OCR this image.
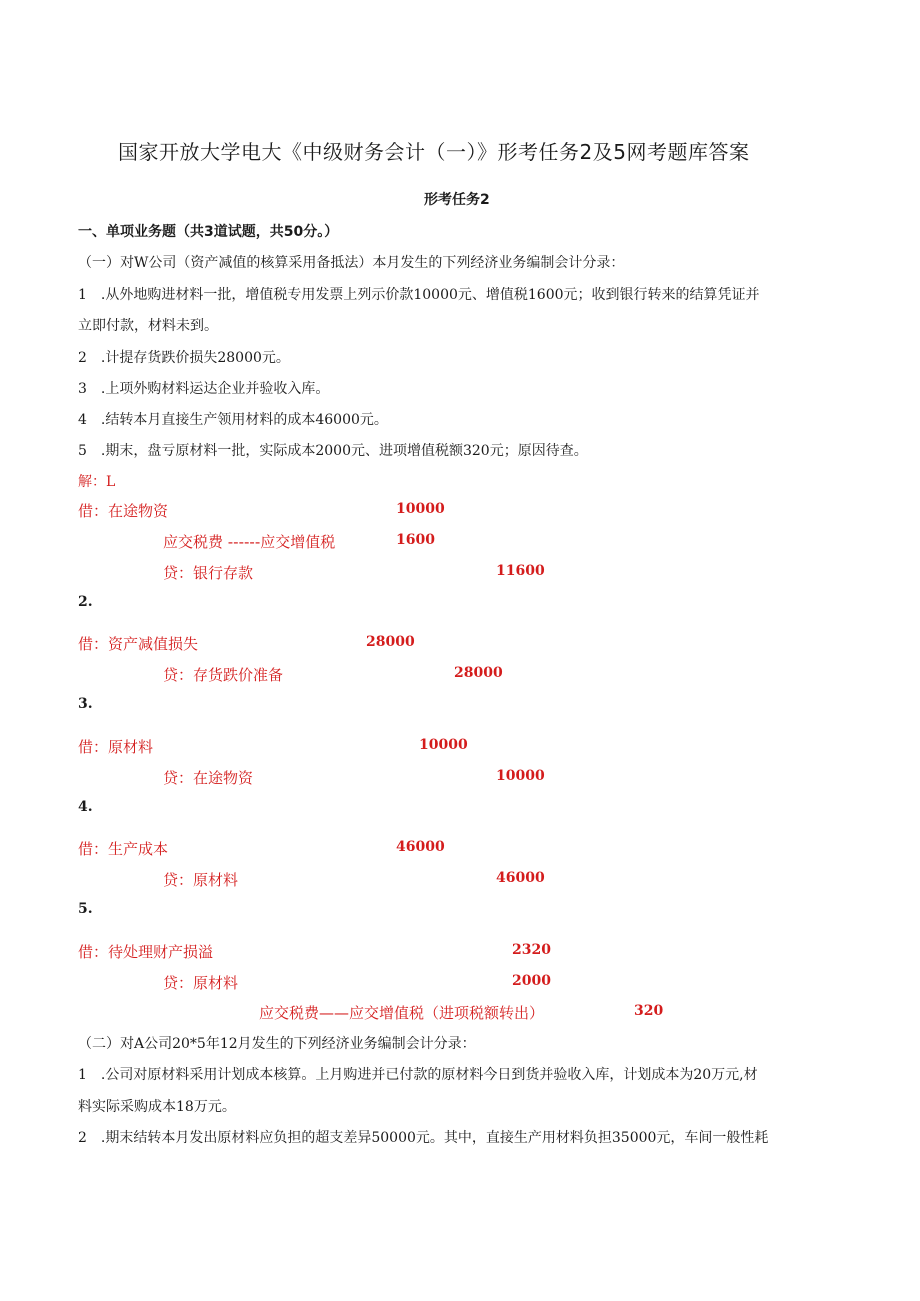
国家开放大学电大《中级财务会计（一）》形考任务2及5网考题库答案
形考任务2
一、单项业务题（共3道试题，共50分。）
（一）对W公司（资产减值的核算采用备抵法）本月发生的下列经济业务编制会计分录：
1　.从外地购进材料一批，增值税专用发票上列示价款10000元、增值税1600元；收到银行转来的结算凭证并
立即付款，材料未到。
2　.计提存货跌价损失28000元。
3　.上项外购材料运达企业并验收入库。
4　.结转本月直接生产领用材料的成本46000元。
5　.期末，盘亏原材料一批，实际成本2000元、进项增值税额320元；原因待查。
解：L
借：在途物资	10000
应交税费 ------应交增值税	1600
贷：银行存款	11600
2.
借：资产减值损失	28000
贷：存货跌价准备	28000
3.
借：原材料	10000
贷：在途物资	10000
4.
借：生产成本	46000
贷：原材料	46000
5.
借：待处理财产损溢	2320
贷：原材料	2000
应交税费——应交增值税（进项税额转出）	320
（二）对A公司20*5年12月发生的下列经济业务编制会计分录：
1　.公司对原材料采用计划成本核算。上月购进并已付款的原材料今日到货并验收入库，计划成本为20万元,材
料实际采购成本18万元。
2　.期末结转本月发出原材料应负担的超支差异50000元。其中，直接生产用材料负担35000元，车间一般性耗
